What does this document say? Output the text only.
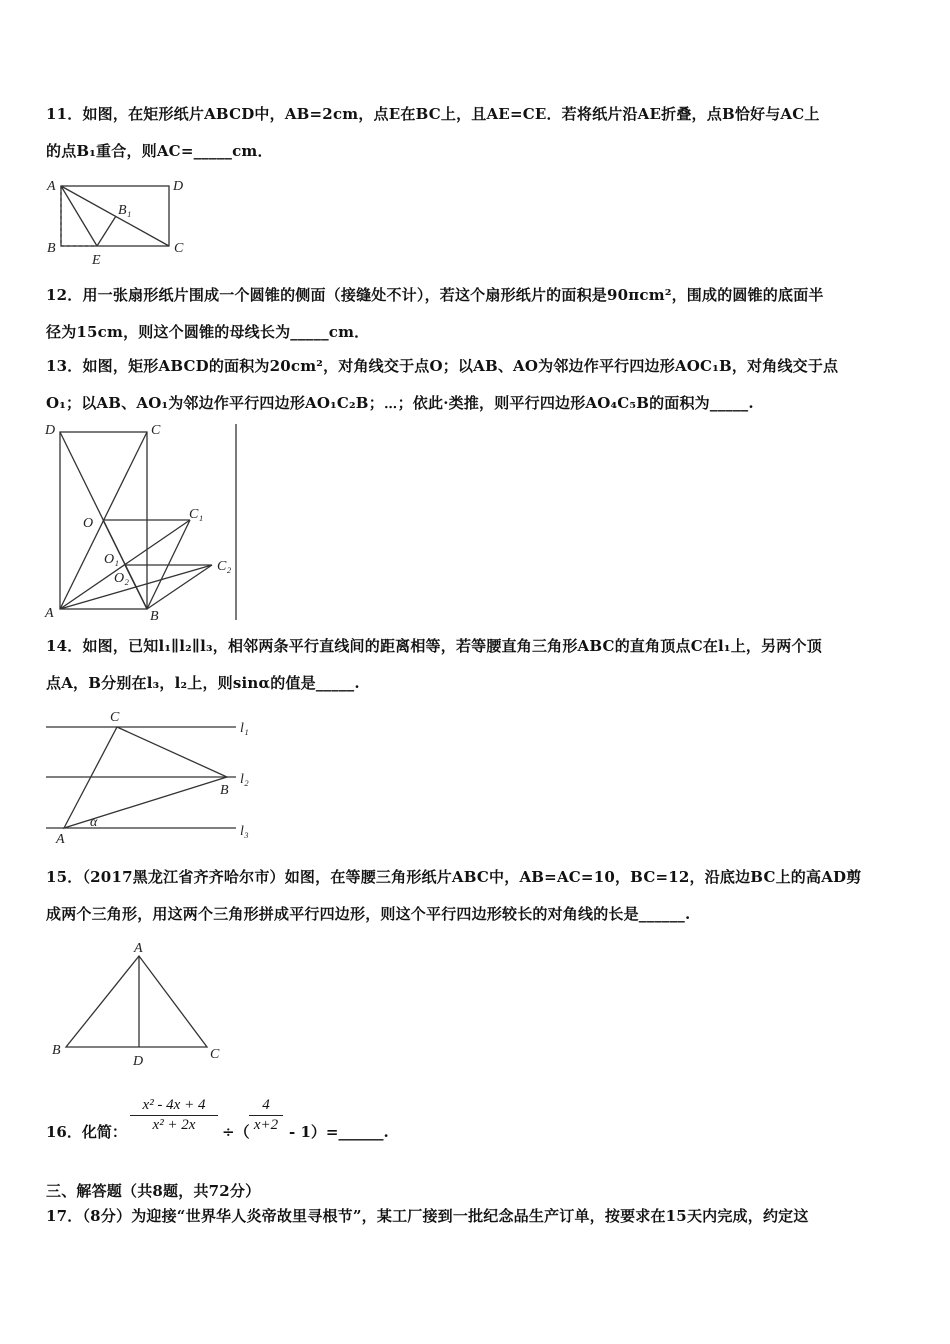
11．如图，在矩形纸片ABCD中，AB=2cm，点E在BC上，且AE=CE．若将纸片沿AE折叠，点B恰好与AC上
的点B₁重合，则AC=_____cm．
A	D
B₁
B	C
E
12．用一张扇形纸片围成一个圆锥的侧面（接缝处不计），若这个扇形纸片的面积是90πcm²，围成的圆锥的底面半
径为15cm，则这个圆锥的母线长为_____cm．
13．如图，矩形ABCD的面积为20cm²，对角线交于点O；以AB、AO为邻边作平行四边形AOC₁B，对角线交于点
O₁；以AB、AO₁为邻边作平行四边形AO₁C₂B；⋯；依此·类推，则平行四边形AO₄C₅B的面积为_____.
D	C
O
C₁
O₁
O₂
C₂
A	B
14．如图，已知l₁∥l₂∥l₃，相邻两条平行直线间的距离相等，若等腰直角三角形ABC的直角顶点C在l₁上，另两个顶
点A，B分别在l₃，l₂上，则sinα的值是_____.
C
l₁
l₂
B
A
α
l₃
15．（2017黑龙江省齐齐哈尔市）如图，在等腰三角形纸片ABC中，AB=AC=10，BC=12，沿底边BC上的高AD剪
成两个三角形，用这两个三角形拼成平行四边形，则这个平行四边形较长的对角线的长是______.
A
B
D	C
16．化简： $\frac{\text{x² - 4x + 4}}{\text{x² + 2x}}$ ÷（ $\frac{4}{x+2}$ - 1）=______.
三、解答题（共8题，共72分）
17．（8分）为迎接“世界华人炎帝故里寻根节”，某工厂接到一批纪念品生产订单，按要求在15天内完成，约定这
